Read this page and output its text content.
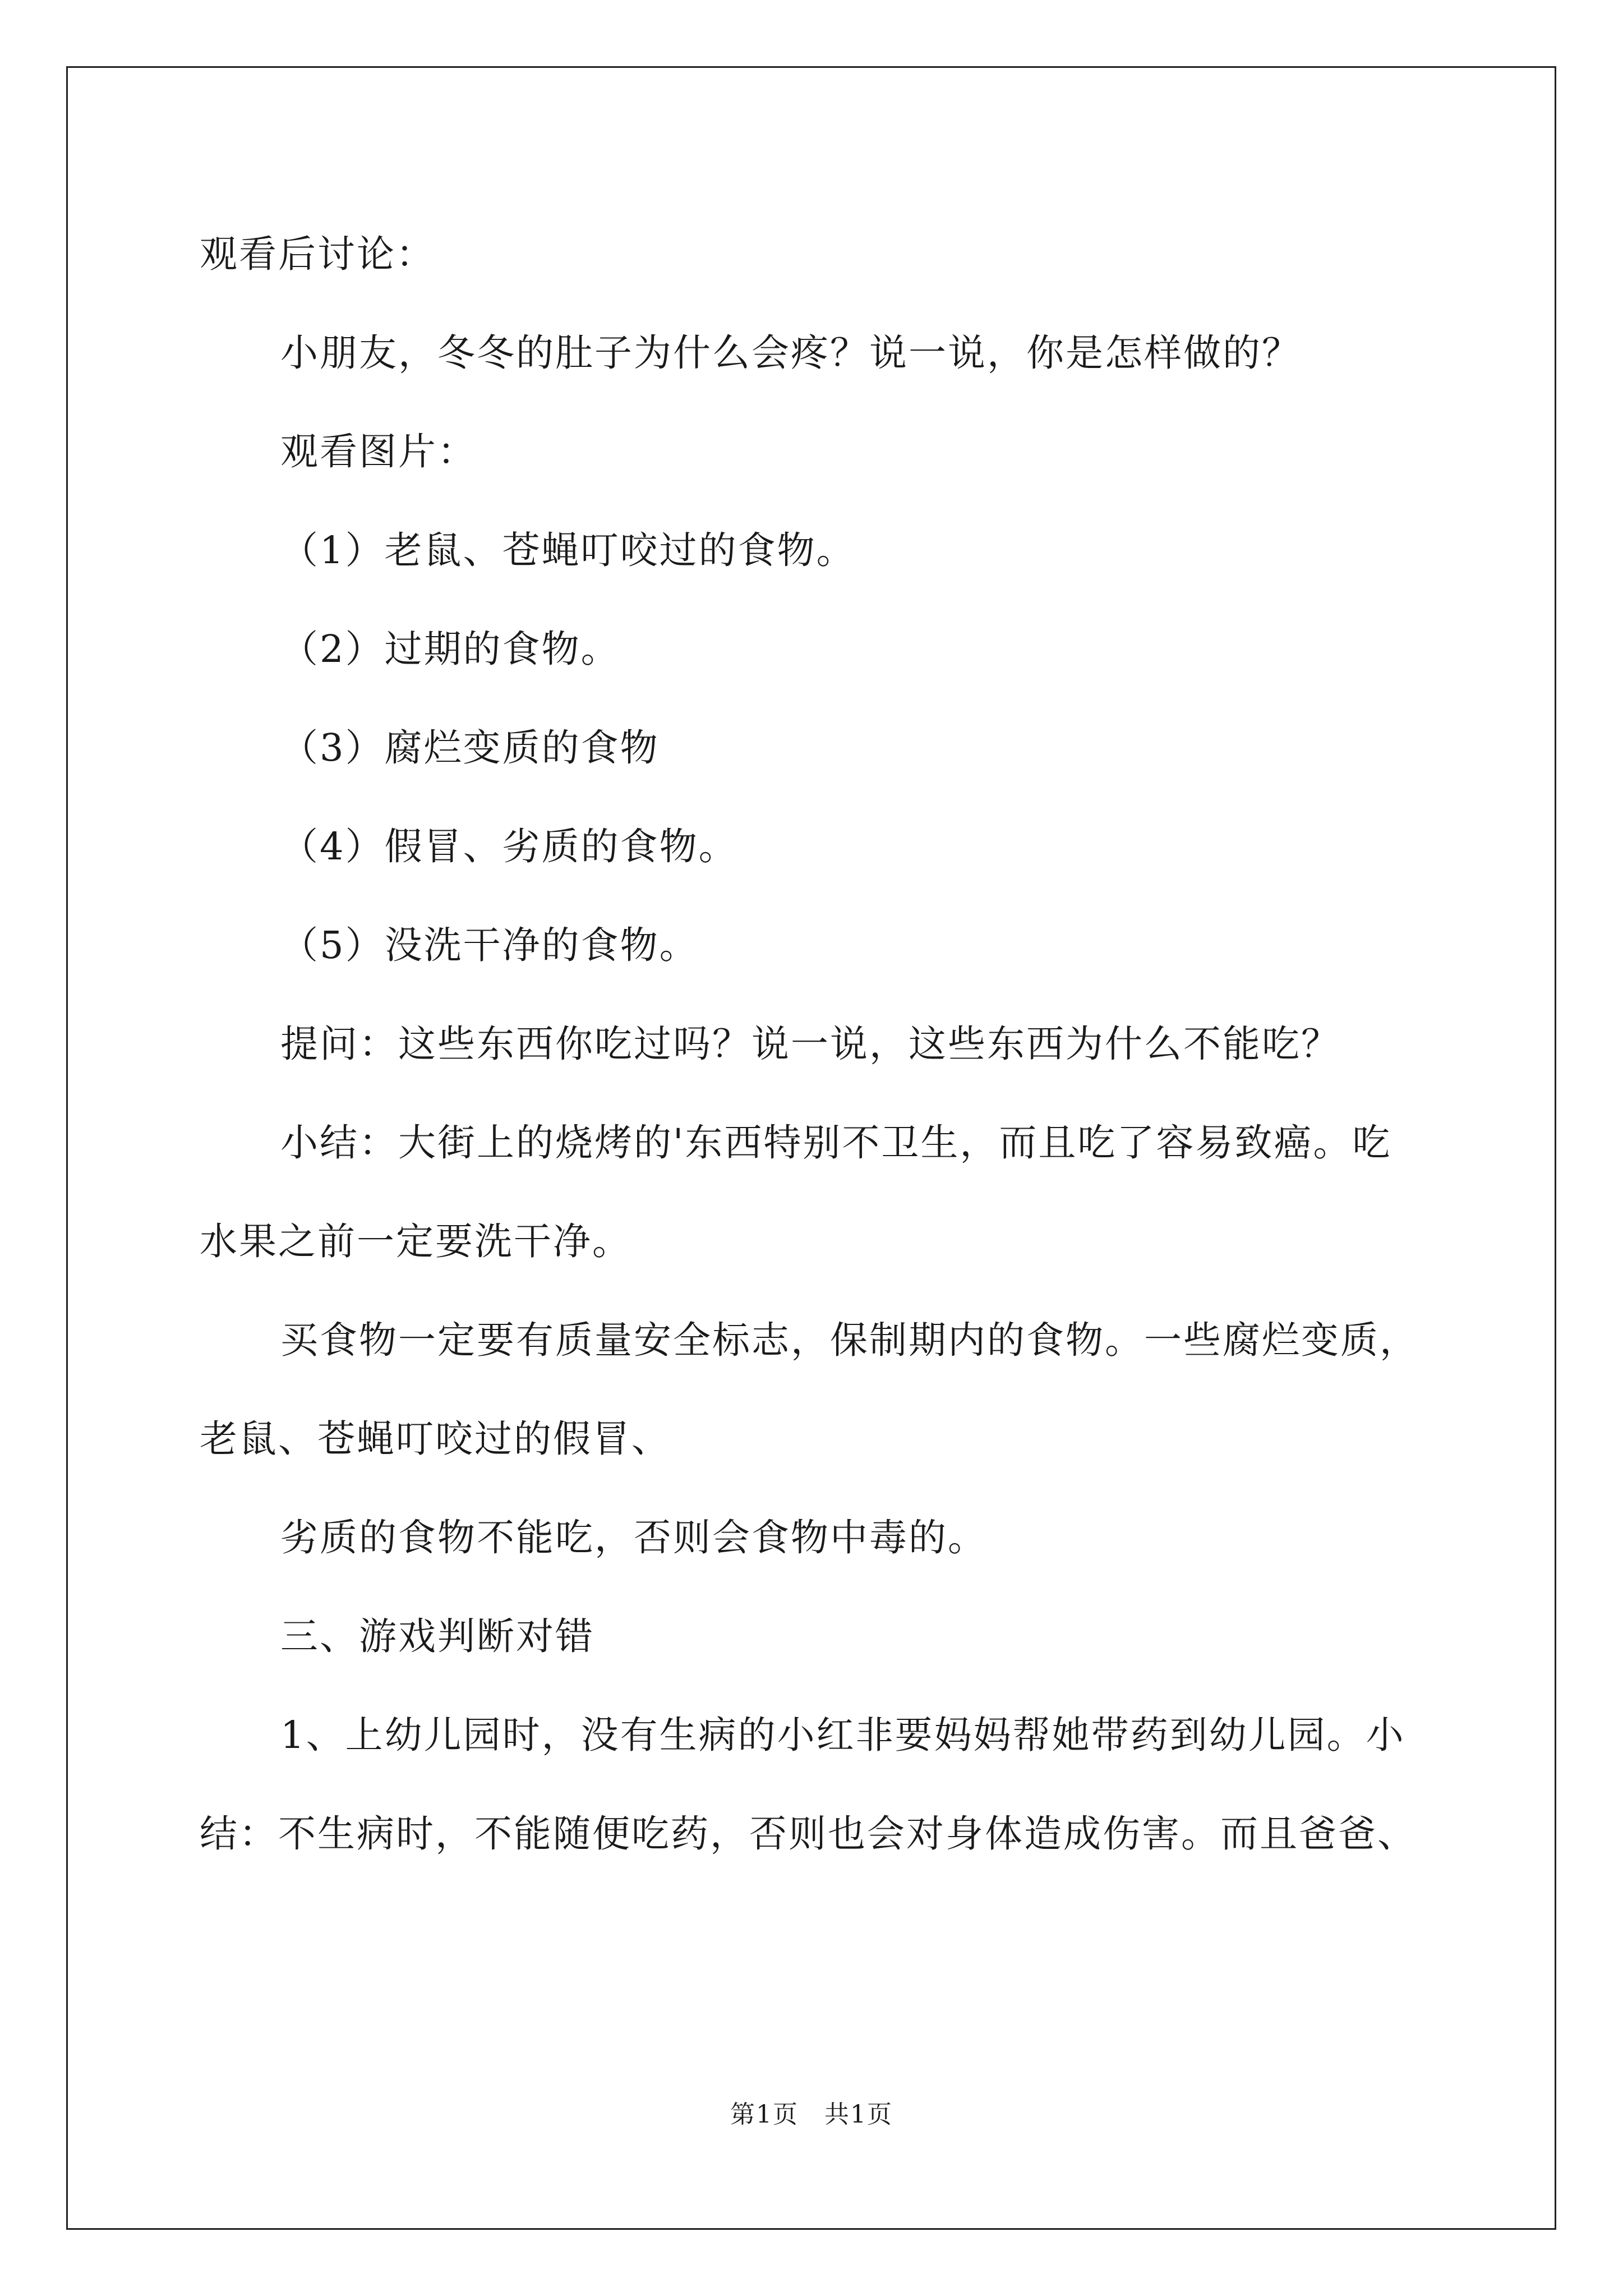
观看后讨论：
小朋友，冬冬的肚子为什么会疼？说一说，你是怎样做的？
观看图片：
（1）老鼠、苍蝇叮咬过的食物。
（2）过期的食物。
（3）腐烂变质的食物
（4）假冒、劣质的食物。
（5）没洗干净的食物。
提问：这些东西你吃过吗？说一说，这些东西为什么不能吃？
小结：大街上的烧烤的'东西特别不卫生，而且吃了容易致癌。吃
水果之前一定要洗干净。
买食物一定要有质量安全标志，保制期内的食物。一些腐烂变质，
老鼠、苍蝇叮咬过的假冒、
劣质的食物不能吃，否则会食物中毒的。
三、游戏判断对错
1、上幼儿园时，没有生病的小红非要妈妈帮她带药到幼儿园。小
结：不生病时，不能随便吃药，否则也会对身体造成伤害。而且爸爸、
第1页　共1页
